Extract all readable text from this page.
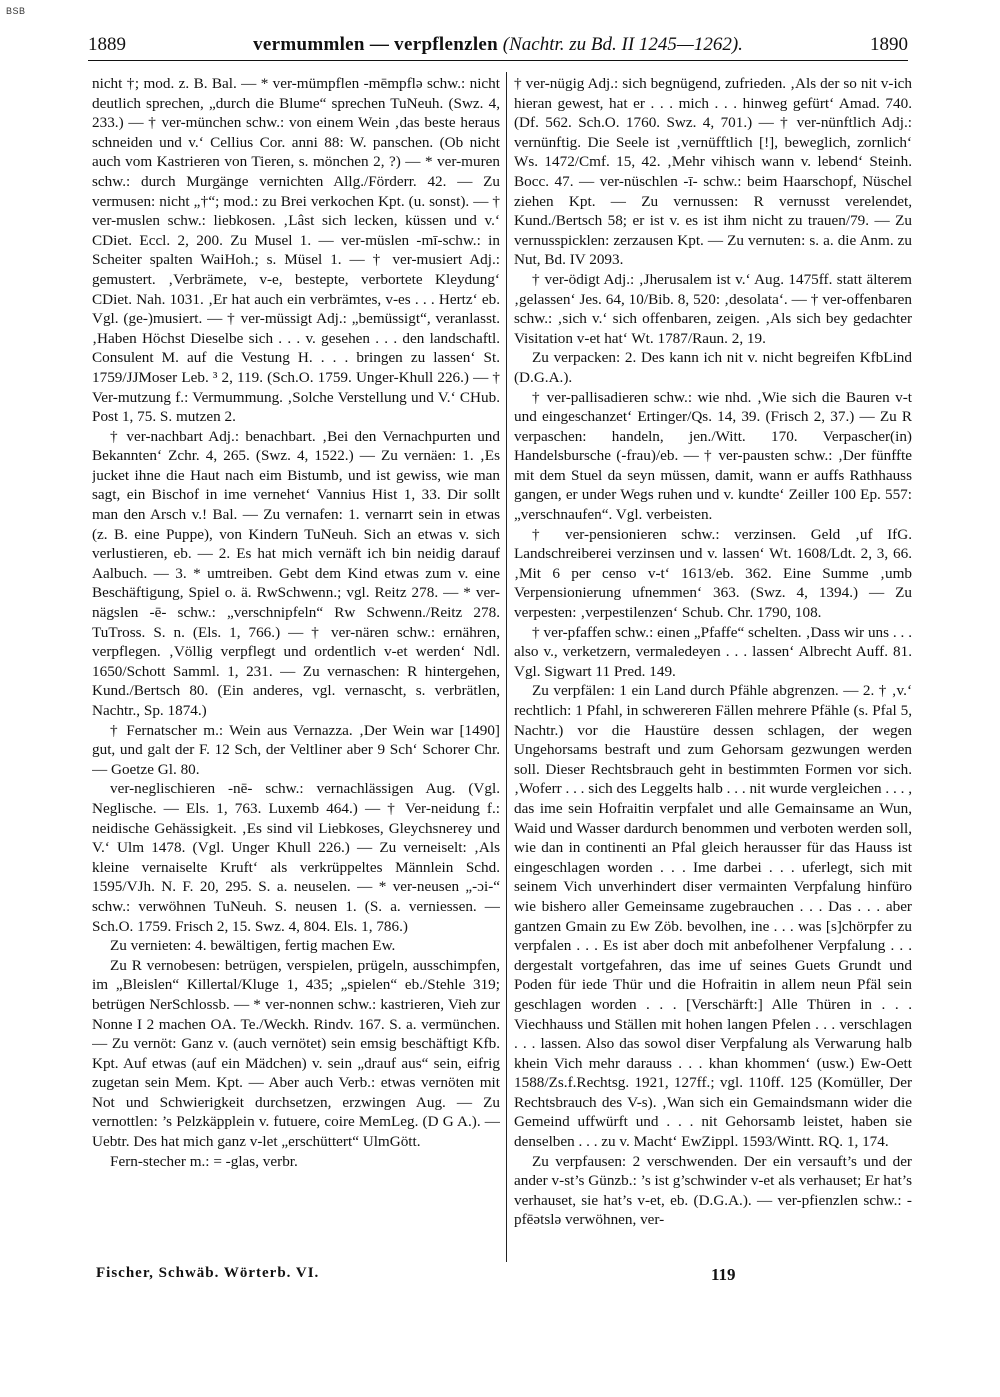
BSB
1889	vermummlen — verpflenzlen (Nachtr. zu Bd. II 1245—1262).	1890

nicht †; mod. z. B. Bal. — * ver-mümpflen -mēmpflə schw.: nicht deutlich sprechen, „durch die Blume“ sprechen TuNeuh. (Swz. 4, 233.) — † ver-münchen schw.: von einem Wein ‚das beste heraus schneiden und v.‘ Cellius Cor. anni 88: W. panschen. (Ob nicht auch vom Kastrieren von Tieren, s. mönchen 2, ?) — * ver-muren schw.: durch Murgänge vernichten Allg./Förderr. 42. — Zu vermusen: nicht „†“; mod.: zu Brei verkochen Kpt. (u. sonst). — † ver-muslen schw.: liebkosen. ‚Lâst sich lecken, küssen und v.‘ CDiet. Eccl. 2, 200. Zu Musel 1. — ver-müslen -mī-schw.: in Scheiter spalten WaiHoh.; s. Müsel 1. — † ver-musiert Adj.: gemustert. ‚Verbrämete, v-e, bestepte, verbortete Kleydung‘ CDiet. Nah. 1031. ‚Er hat auch ein verbrämtes, v-es . . . Hertz‘ eb. Vgl. (ge-)musiert. — † ver-müssigt Adj.: „bemüssigt“, veranlasst. ‚Haben Höchst Dieselbe sich . . . v. gesehen . . . den landschaftl. Consulent M. auf die Vestung H. . . . bringen zu lassen‘ St. 1759/JJMoser Leb. ³ 2, 119. (Sch.O. 1759. Unger-Khull 226.) — † Ver-mutzung f.: Vermummung. ‚Solche Verstellung und V.‘ CHub. Post 1, 75. S. mutzen 2.

† ver-nachbart Adj.: benachbart. ‚Bei den Vernachpurten und Bekannten‘ Zchr. 4, 265. (Swz. 4, 1522.) — Zu vernäen: 1. ‚Es jucket ihne die Haut nach eim Bistumb, und ist gewiss, wie man sagt, ein Bischof in ime vernehet‘ Vannius Hist 1, 33. Dir sollt man den Arsch v.! Bal. — Zu vernafen: 1. vernarrt sein in etwas (z. B. eine Puppe), von Kindern TuNeuh. Sich an etwas v. sich verlustieren, eb. — 2. Es hat mich vernäft ich bin neidig darauf Aalbuch. — 3. * umtreiben. Gebt dem Kind etwas zum v. eine Beschäftigung, Spiel o. ä. RwSchwenn.; vgl. Reitz 278. — * ver-nägslen -ē- schw.: „verschnipfeln“ Rw Schwenn./Reitz 278. TuTross. S. n. (Els. 1, 766.) — † ver-nären schw.: ernähren, verpflegen. ‚Völlig verpflegt und ordentlich v-et werden‘ Ndl. 1650/Schott Samml. 1, 231. — Zu vernaschen: R hintergehen, Kund./Bertsch 80. (Ein anderes, vgl. vernascht, s. verbrätlen, Nachtr., Sp. 1874.)

† Fernatscher m.: Wein aus Vernazza. ‚Der Wein war [1490] gut, und galt der F. 12 Sch, der Veltliner aber 9 Sch‘ Schorer Chr. — Goetze Gl. 80.

ver-neglischieren -nē- schw.: vernachlässigen Aug. (Vgl. Neglische. — Els. 1, 763. Luxemb 464.) — † Ver-neidung f.: neidische Gehässigkeit. ‚Es sind vil Liebkoses, Gleychsnerey und V.‘ Ulm 1478. (Vgl. Unger Khull 226.) — Zu verneiselt: ‚Als kleine vernaiselte Kruft‘ als verkrüppeltes Männlein Schd. 1595/VJh. N. F. 20, 295. S. a. neuselen. — * ver-neusen „-ɔi-“ schw.: verwöhnen TuNeuh. S. neusen 1. (S. a. verniessen. — Sch.O. 1759. Frisch 2, 15. Swz. 4, 804. Els. 1, 786.)

Zu vernieten: 4. bewältigen, fertig machen Ew.

Zu R vernobesen: betrügen, verspielen, prügeln, ausschimpfen, im „Bleislen“ Killertal/Kluge 1, 435; „spielen“ eb./Stehle 319; betrügen NerSchlossb. — * ver-nonnen schw.: kastrieren, Vieh zur Nonne I 2 machen OA. Te./Weckh. Rindv. 167. S. a. vermünchen. — Zu vernöt: Ganz v. (auch vernötet) sein emsig beschäftigt Kfb. Kpt. Auf etwas (auf ein Mädchen) v. sein „drauf aus“ sein, eifrig zugetan sein Mem. Kpt. — Aber auch Verb.: etwas vernöten mit Not und Schwierigkeit durchsetzen, erzwingen Aug. — Zu vernottlen: ’s Pelzkäpplein v. futuere, coire MemLeg. (D G A.). — Uebtr. Des hat mich ganz v-let „erschüttert“ UlmGött.

Fern-stecher m.: = -glas, verbr.

† ver-nügig Adj.: sich begnügend, zufrieden. ‚Als der so nit v-ich hieran gewest, hat er . . . mich . . . hinweg gefürt‘ Amad. 740. (Df. 562. Sch.O. 1760. Swz. 4, 701.) — † ver-nünftlich Adj.: vernünftig. Die Seele ist ‚vernüfftlich [!], beweglich, zornlich‘ Ws. 1472/Cmf. 15, 42. ‚Mehr vihisch wann v. lebend‘ Steinh. Bocc. 47. — ver-nüschlen -ī- schw.: beim Haarschopf, Nüschel ziehen Kpt. — Zu vernussen: R vernusst verelendet, Kund./Bertsch 58; er ist v. es ist ihm nicht zu trauen/79. — Zu vernusspicklen: zerzausen Kpt. — Zu vernuten: s. a. die Anm. zu Nut, Bd. IV 2093.

† ver-ödigt Adj.: ‚Jherusalem ist v.‘ Aug. 1475ff. statt älterem ‚gelassen‘ Jes. 64, 10/Bib. 8, 520: ‚desolata‘. — † ver-offenbaren schw.: ‚sich v.‘ sich offenbaren, zeigen. ‚Als sich bey gedachter Visitation v-et hat‘ Wt. 1787/Raun. 2, 19.

Zu verpacken: 2. Des kann ich nit v. nicht begreifen KfbLind (D.G.A.).

† ver-pallisadieren schw.: wie nhd. ‚Wie sich die Bauren v-t und eingeschanzet‘ Ertinger/Qs. 14, 39. (Frisch 2, 37.) — Zu R verpaschen: handeln, jen./Witt. 170. Verpascher(in) Handelsbursche (-frau)/eb. — † ver-pausten schw.: ‚Der fünffte mit dem Stuel da seyn müssen, damit, wann er auffs Rathhauss gangen, er under Wegs ruhen und v. kundte‘ Zeiller 100 Ep. 557: „verschnaufen“. Vgl. verbeisten.

† ver-pensionieren schw.: verzinsen. Geld ‚uf IfG. Landschreiberei verzinsen und v. lassen‘ Wt. 1608/Ldt. 2, 3, 66. ‚Mit 6 per censo v-t‘ 1613/eb. 362. Eine Summe ‚umb Verpensionierung ufnemmen‘ 363. (Swz. 4, 1394.) — Zu verpesten: ‚verpestilenzen‘ Schub. Chr. 1790, 108.

† ver-pfaffen schw.: einen „Pfaffe“ schelten. ‚Dass wir uns . . . also v., verketzern, vermaledeyen . . . lassen‘ Albrecht Auff. 81. Vgl. Sigwart 11 Pred. 149.

Zu verpfälen: 1 ein Land durch Pfähle abgrenzen. — 2. † ‚v.‘ rechtlich: 1 Pfahl, in schwereren Fällen mehrere Pfähle (s. Pfal 5, Nachtr.) vor die Haustüre dessen schlagen, der wegen Ungehorsams bestraft und zum Gehorsam gezwungen werden soll. Dieser Rechtsbrauch geht in bestimmten Formen vor sich. ‚Woferr . . . sich des Leggelts halb . . . nit wurde vergleichen . . . , das ime sein Hofraitin verpfalet und alle Gemainsame an Wun, Waid und Wasser dardurch benommen und verboten werden soll, wie dan in continenti an Pfal gleich herausser für das Hauss ist eingeschlagen worden . . . Ime darbei . . . uferlegt, sich mit seinem Vich unverhindert diser vermainten Verpfalung hinfüro wie bishero aller Gemeinsame zugebrauchen . . . Das . . . aber gantzen Gmain zu Ew Zöb. bevolhen, ine . . . was [s]chörpfer zu verpfalen . . . Es ist aber doch mit anbefolhener Verpfalung . . . dergestalt vortgefahren, das ime uf seines Guets Grundt und Poden für iede Thür und die Hofraitin in allem neun Pfäl sein geschlagen worden . . . [Verschärft:] Alle Thüren in . . . Viechhauss und Ställen mit hohen langen Pfelen . . . verschlagen . . . lassen. Also das sowol diser Verpfalung als Verwarung halb khein Vich mehr darauss . . . khan khommen‘ (usw.) Ew-Oett 1588/Zs.f.Rechtsg. 1921, 127ff.; vgl. 110ff. 125 (Komüller, Der Rechtsbrauch des V-s). ‚Wan sich ein Gemaindsmann wider die Gemeind uffwürft und . . . nit Gehorsamb leistet, haben sie denselben . . . zu v. Macht‘ EwZippl. 1593/Wintt. RQ. 1, 174.

Zu verpfausen: 2 verschwenden. Der ein versauft’s und der ander v-st’s Günzb.: ’s ist g’schwinder v-et als verhauset; Er hat’s verhauset, sie hat’s v-et, eb. (D.G.A.). — ver-pfienzlen schw.: -pfēətslə verwöhnen, ver-

Fischer, Schwäb. Wörterb. VI.	119
